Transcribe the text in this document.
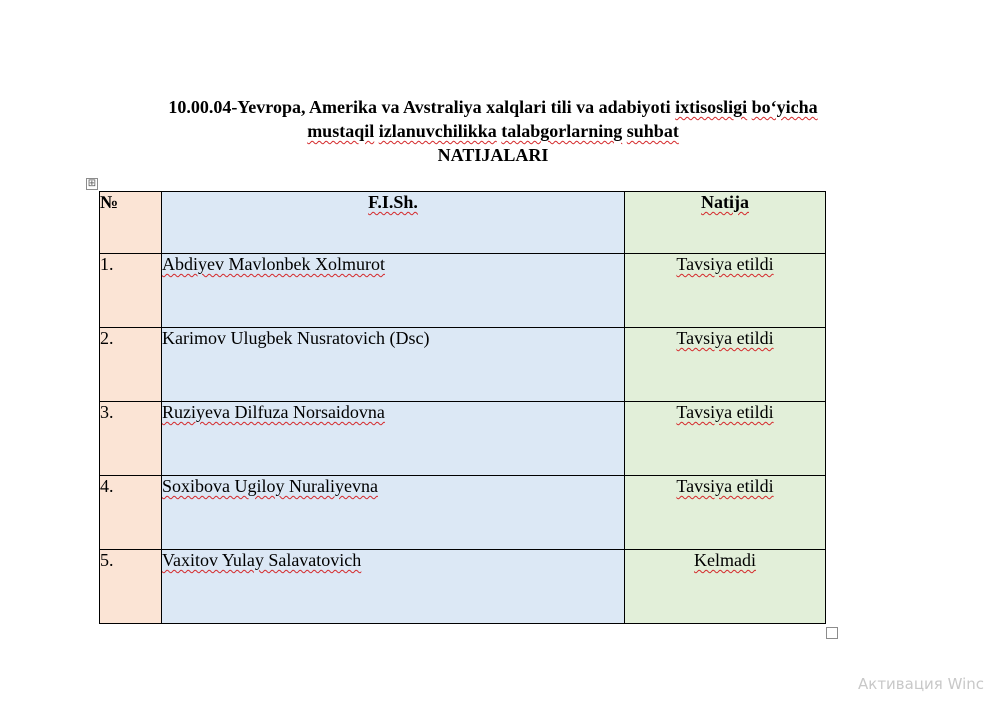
10.00.04-Yevropa, Amerika va Avstraliya xalqlari tili va adabiyoti ixtisosligi bo‘yicha
mustaqil izlanuvchilikka talabgorlarning suhbat
NATIJALARI
⊞
№	F.I.Sh.	Natija
1.	Abdiyev Mavlonbek Xolmurot	Tavsiya etildi
2.	Karimov Ulugbek Nusratovich (Dsc)	Tavsiya etildi
3.	Ruziyeva Dilfuza Norsaidovna	Tavsiya etildi
4.	Soxibova Ugiloy Nuraliyevna	Tavsiya etildi
5.	Vaxitov Yulay Salavatovich	Kelmadi
Активация Winc
